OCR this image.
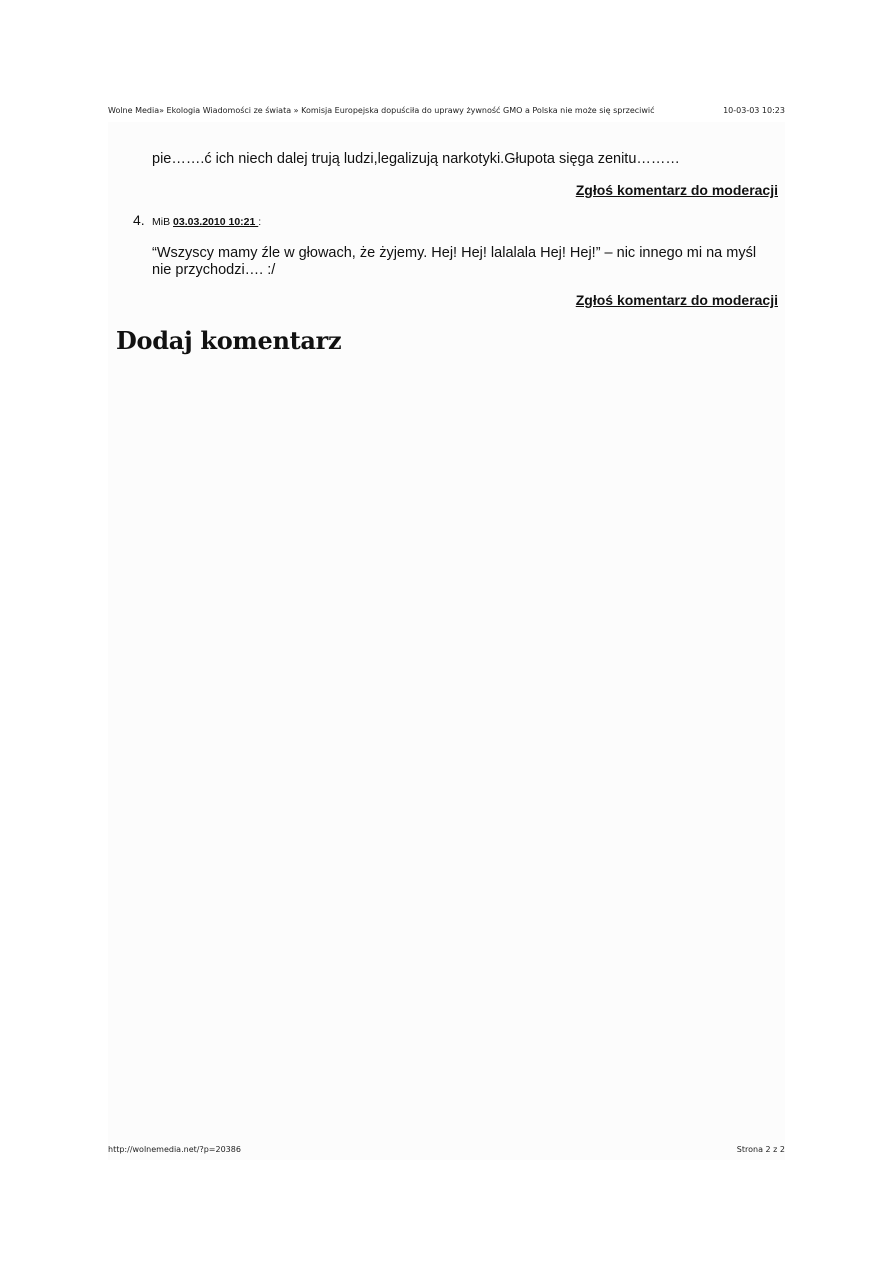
Wolne Media» Ekologia Wiadomości ze świata » Komisja Europejska dopuściła do uprawy żywność GMO a Polska nie może się sprzeciwić	10-03-03 10:23
pie…….ć ich niech dalej trują ludzi,legalizują narkotyki.Głupota sięga zenitu………
Zgłoś komentarz do moderacji
4. MiB 03.03.2010 10:21 :
“Wszyscy mamy źle w głowach, że żyjemy. Hej! Hej! lalalala Hej! Hej!” – nic innego mi na myśl nie przychodzi…. :/
Zgłoś komentarz do moderacji
Dodaj komentarz
http://wolnemedia.net/?p=20386	Strona 2 z 2
